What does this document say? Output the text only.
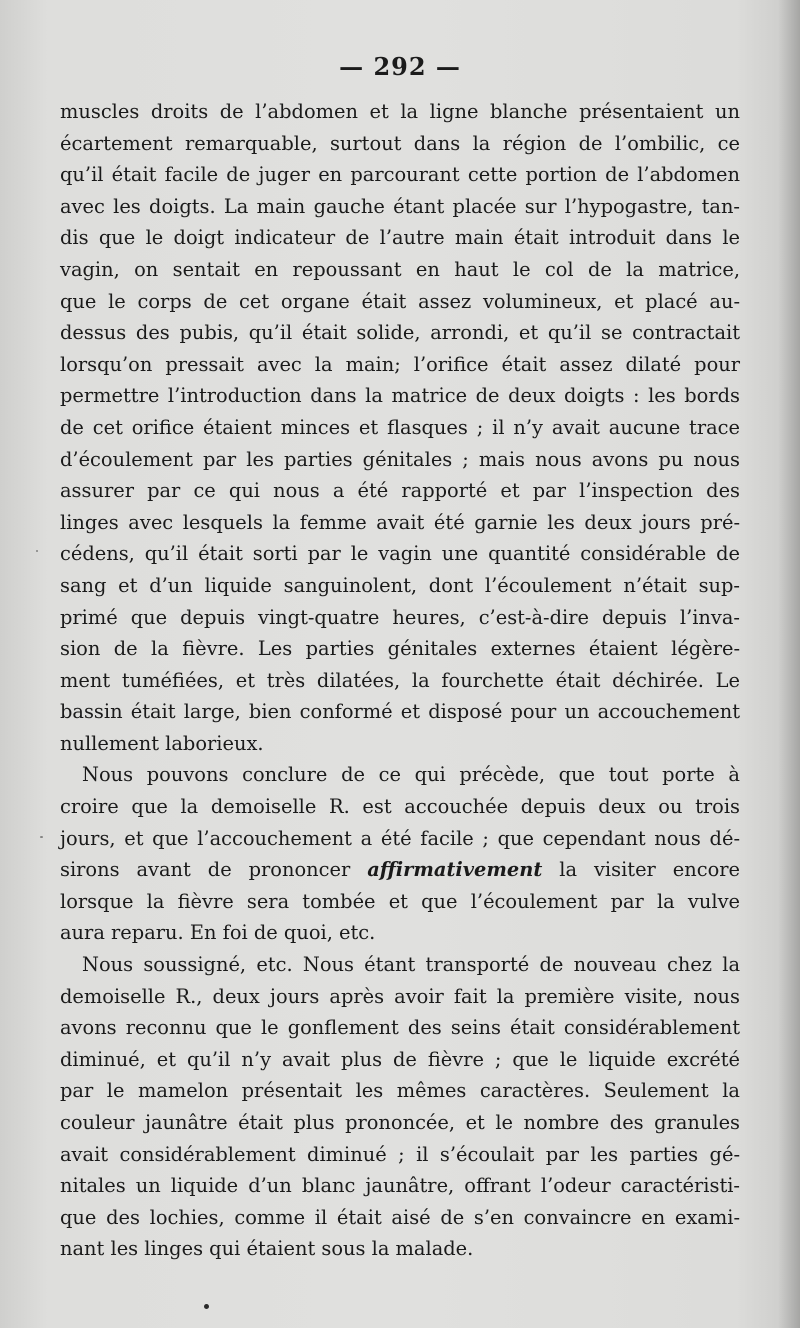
— 292 —

muscles droits de l’abdomen et la ligne blanche présentaient un
écartement remarquable, surtout dans la région de l’ombilic, ce
qu’il était facile de juger en parcourant cette portion de l’abdomen
avec les doigts. La main gauche étant placée sur l’hypogastre, tan-
dis que le doigt indicateur de l’autre main était introduit dans le
vagin, on sentait en repoussant en haut le col de la matrice,
que le corps de cet organe était assez volumineux, et placé au-
dessus des pubis, qu’il était solide, arrondi, et qu’il se contractait
lorsqu’on pressait avec la main; l’orifice était assez dilaté pour
permettre l’introduction dans la matrice de deux doigts : les bords
de cet orifice étaient minces et flasques ; il n’y avait aucune trace
d’écoulement par les parties génitales ; mais nous avons pu nous
assurer par ce qui nous a été rapporté et par l’inspection des
linges avec lesquels la femme avait été garnie les deux jours pré-
cédens, qu’il était sorti par le vagin une quantité considérable de
sang et d’un liquide sanguinolent, dont l’écoulement n’était sup-
primé que depuis vingt-quatre heures, c’est-à-dire depuis l’inva-
sion de la fièvre. Les parties génitales externes étaient légère-
ment tuméfiées, et très dilatées, la fourchette était déchirée. Le
bassin était large, bien conformé et disposé pour un accouchement
nullement laborieux.

Nous pouvons conclure de ce qui précède, que tout porte à
croire que la demoiselle R. est accouchée depuis deux ou trois
jours, et que l’accouchement a été facile ; que cependant nous dé-
sirons avant de prononcer affirmativement la visiter encore
lorsque la fièvre sera tombée et que l’écoulement par la vulve
aura reparu. En foi de quoi, etc.

Nous soussigné, etc. Nous étant transporté de nouveau chez la
demoiselle R., deux jours après avoir fait la première visite, nous
avons reconnu que le gonflement des seins était considérablement
diminué, et qu’il n’y avait plus de fièvre ; que le liquide excrété
par le mamelon présentait les mêmes caractères. Seulement la
couleur jaunâtre était plus prononcée, et le nombre des granules
avait considérablement diminué ; il s’écoulait par les parties gé-
nitales un liquide d’un blanc jaunâtre, offrant l’odeur caractéristi-
que des lochies, comme il était aisé de s’en convaincre en exami-
nant les linges qui étaient sous la malade.
